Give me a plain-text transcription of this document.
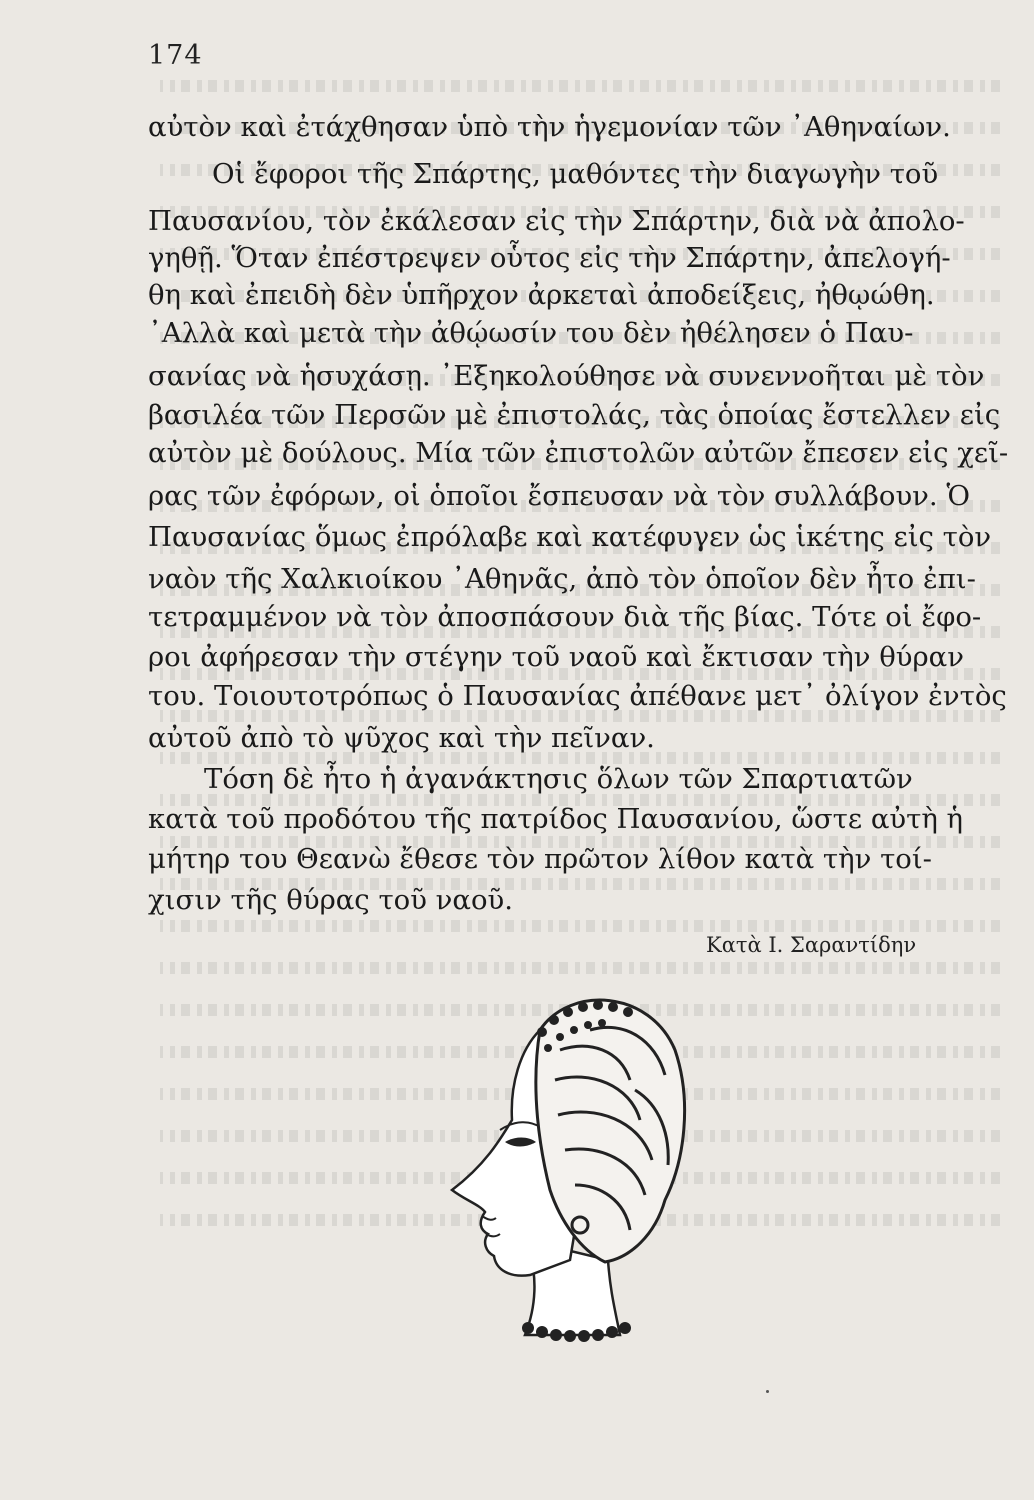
174
αὐτὸν καὶ ἐτάχθησαν ὑπὸ τὴν ἡγεμονίαν τῶν ᾿Αθηναίων.
Οἱ ἔφοροι τῆς Σπάρτης, μαθόντες τὴν διαγωγὴν τοῦ
Παυσανίου, τὸν ἐκάλεσαν εἰς τὴν Σπάρτην, διὰ νὰ ἀπολο-
γηθῇ. Ὅταν ἐπέστρεψεν οὗτος εἰς τὴν Σπάρτην, ἀπελογή-
θη καὶ ἐπειδὴ δὲν ὑπῆρχον ἀρκεταὶ ἀποδείξεις, ἠθῳώθη.
᾿Αλλὰ καὶ μετὰ τὴν ἀθῴωσίν του δὲν ἠθέλησεν ὁ Παυ-
σανίας νὰ ἡσυχάσῃ. ᾿Εξηκολούθησε νὰ συνεννοῆται μὲ τὸν
βασιλέα τῶν Περσῶν μὲ ἐπιστολάς, τὰς ὁποίας ἔστελλεν εἰς
αὐτὸν μὲ δούλους. Μία τῶν ἐπιστολῶν αὐτῶν ἔπεσεν εἰς χεῖ-
ρας τῶν ἐφόρων, οἱ ὁποῖοι ἔσπευσαν νὰ τὸν συλλάβουν. Ὁ
Παυσανίας ὅμως ἐπρόλαβε καὶ κατέφυγεν ὡς ἱκέτης εἰς τὸν
ναὸν τῆς Χαλκιοίκου ᾿Αθηνᾶς, ἀπὸ τὸν ὁποῖον δὲν ἦτο ἐπι-
τετραμμένον νὰ τὸν ἀποσπάσουν διὰ τῆς βίας. Τότε οἱ ἔφο-
ροι ἀφήρεσαν τὴν στέγην τοῦ ναοῦ καὶ ἔκτισαν τὴν θύραν
του. Τοιουτοτρόπως ὁ Παυσανίας ἀπέθανε μετ᾿ ὀλίγον ἐντὸς
αὐτοῦ ἀπὸ τὸ ψῦχος καὶ τὴν πεῖναν.
Τόση δὲ ἦτο ἡ ἀγανάκτησις ὅλων τῶν Σπαρτιατῶν
κατὰ τοῦ προδότου τῆς πατρίδος Παυσανίου, ὥστε αὐτὴ ἡ
μήτηρ του Θεανὼ ἔθεσε τὸν πρῶτον λίθον κατὰ τὴν τοί-
χισιν τῆς θύρας τοῦ ναοῦ.
Κατὰ Ι. Σαραντίδην
